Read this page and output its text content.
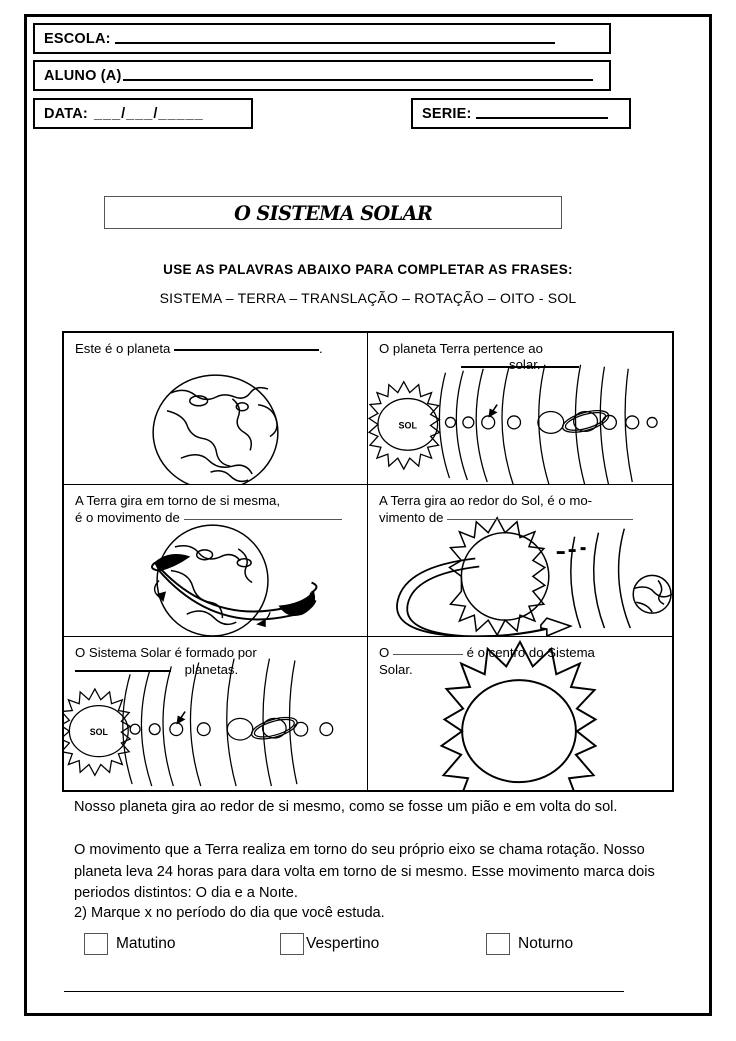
ESCOLA:
ALUNO (A)
DATA: ___/___/_____	SERIE:
O SISTEMA SOLAR
USE AS PALAVRAS ABAIXO PARA COMPLETAR AS FRASES:
SISTEMA – TERRA – TRANSLAÇÃO – ROTAÇÃO – OITO - SOL
Este é o planeta	.	O planeta Terra pertence ao
solar.
SOL
A Terra gira em torno de si mesma,
é o movimento de
A Terra gira ao redor do Sol, é o mo-
vimento de
O Sistema Solar é formado por
planetas.
SOL
O	é o centro do Sistema
Solar.
Nosso planeta gira ao redor de si mesmo, como se fosse um pião e em volta do sol.
O movimento que a Terra realiza em torno do seu próprio eixo se chama rotação. Nosso planeta leva 24 horas para dara volta em torno de si mesmo. Esse movimento marca dois periodos distintos: O dia e a Noıte.
2) Marque x no período do dia que você estuda.
Matutino	Vespertino	Noturno
